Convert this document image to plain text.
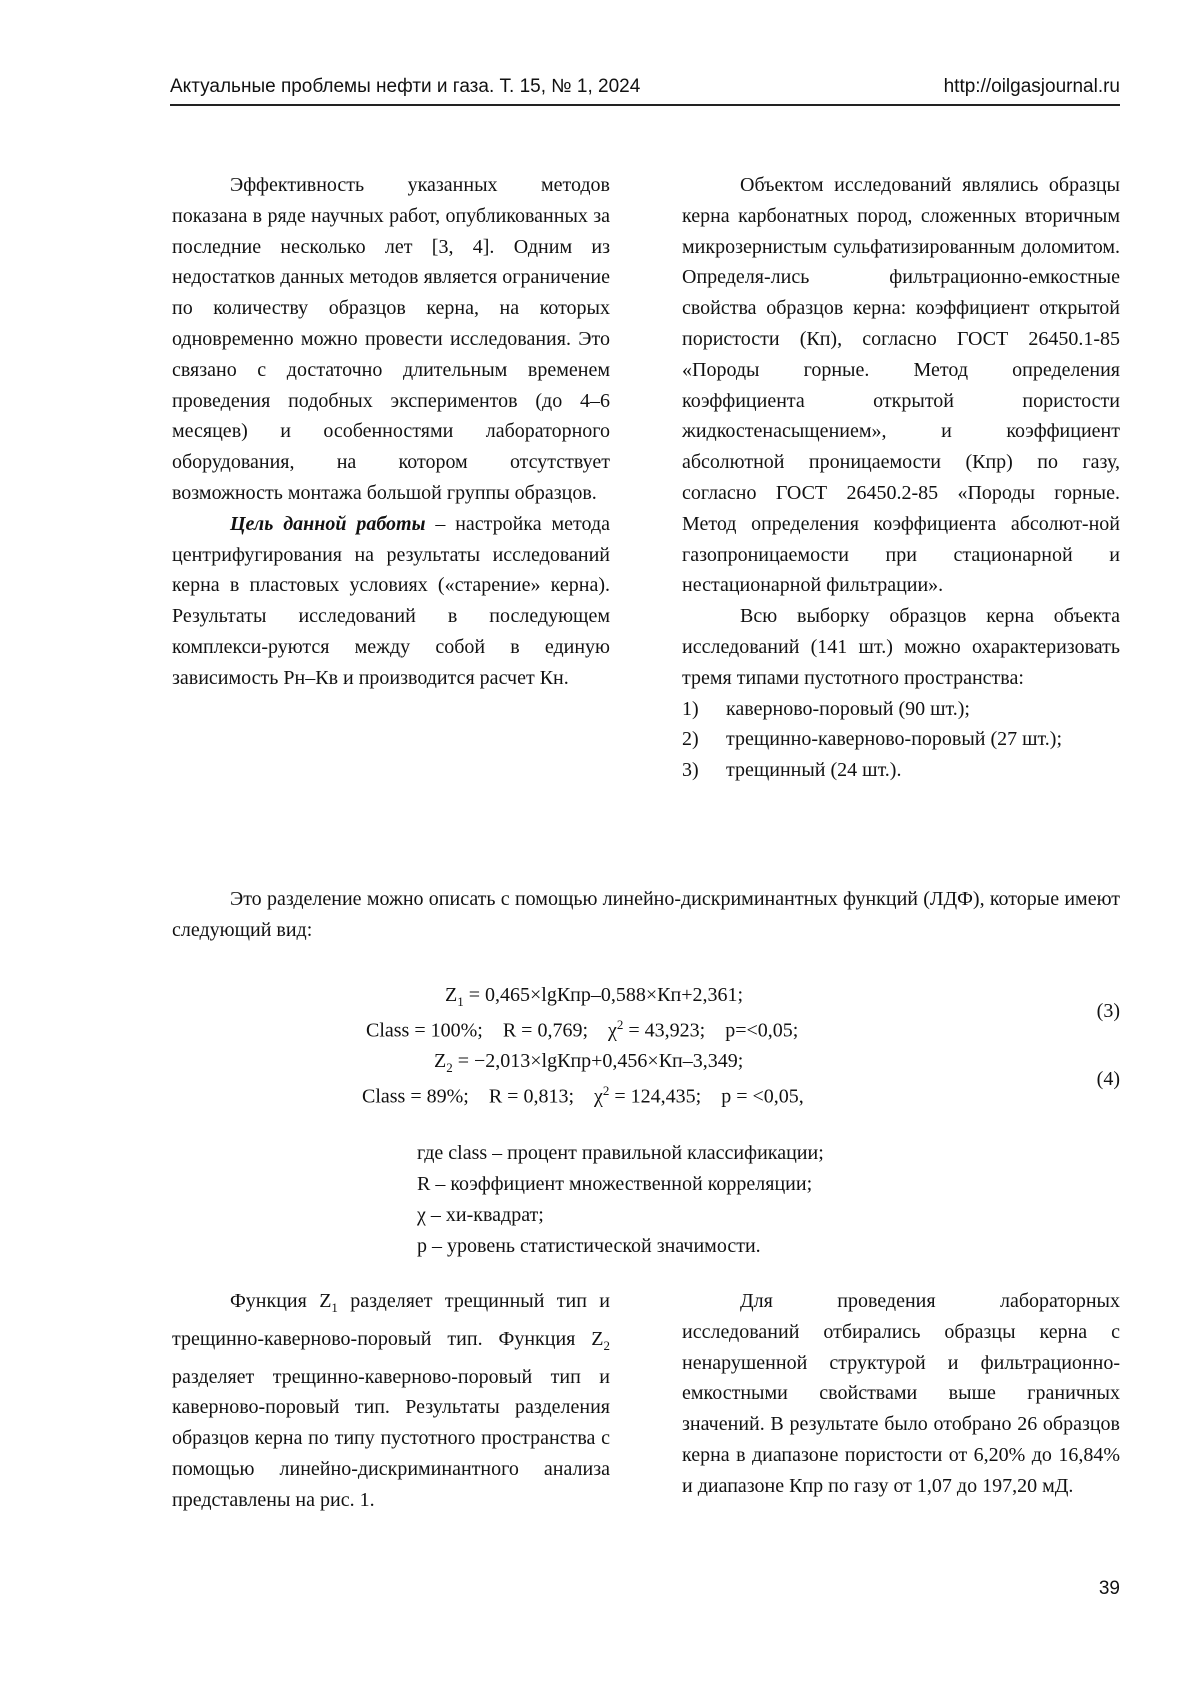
Актуальные проблемы нефти и газа. Т. 15, № 1, 2024	http://oilgasjournal.ru

Эффективность указанных методов показана в ряде научных работ, опубликованных за последние несколько лет [3, 4]. Одним из недостатков данных методов является ограничение по количеству образцов керна, на которых одновременно можно провести исследования. Это связано с достаточно длительным временем проведения подобных экспериментов (до 4–6 месяцев) и особенностями лабораторного оборудования, на котором отсутствует возможность монтажа большой группы образцов.

Цель данной работы – настройка метода центрифугирования на результаты исследований керна в пластовых условиях («старение» керна). Результаты исследований в последующем комплекси-руются между собой в единую зависимость Рн–Кв и производится расчет Кн.

Объектом исследований являлись образцы керна карбонатных пород, сложенных вторичным микрозернистым сульфатизированным доломитом. Определя-лись фильтрационно-емкостные свойства образцов керна: коэффициент открытой пористости (Кп), согласно ГОСТ 26450.1-85 «Породы горные. Метод определения коэффициента открытой пористости жидкостенасыщением», и коэффициент абсолютной проницаемости (Кпр) по газу, согласно ГОСТ 26450.2-85 «Породы горные. Метод определения коэффициента абсолют-ной газопроницаемости при стационарной и нестационарной фильтрации».

Всю выборку образцов керна объекта исследований (141 шт.) можно охарактеризовать тремя типами пустотного пространства:

1) каверново-поровый (90 шт.);
2) трещинно-каверново-поровый (27 шт.);
3) трещинный (24 шт.).

Это разделение можно описать с помощью линейно-дискриминантных функций (ЛДФ), которые имеют следующий вид:

$Z_1 = 0,465\times\lg Кпр-0,588\times Кп+2,361$;
Class = 100%;    R = 0,769;    $\chi^2 = 43,923$;    p=<0,05;
(3)
$Z_2 = -2,013\times\lg Кпр+0,456\times Кп-3,349$;
Class = 89%;    R = 0,813;    $\chi^2 = 124,435$;    p = <0,05,
(4)
где class – процент правильной классификации;
R – коэффициент множественной корреляции;
χ – хи-квадрат;
p – уровень статистической значимости.

Функция $Z_1$ разделяет трещинный тип и трещинно-каверново-поровый тип. Функция $Z_2$ разделяет трещинно-каверново-поровый тип и каверново-поровый тип. Результаты разделения образцов керна по типу пустотного пространства с помощью линейно-дискриминантного анализа представлены на рис. 1.

Для проведения лабораторных исследований отбирались образцы керна с ненарушенной структурой и фильтрационно-емкостными свойствами выше граничных значений. В результате было отобрано 26 образцов керна в диапазоне пористости от 6,20% до 16,84% и диапазоне Кпр по газу от 1,07 до 197,20 мД.

39
